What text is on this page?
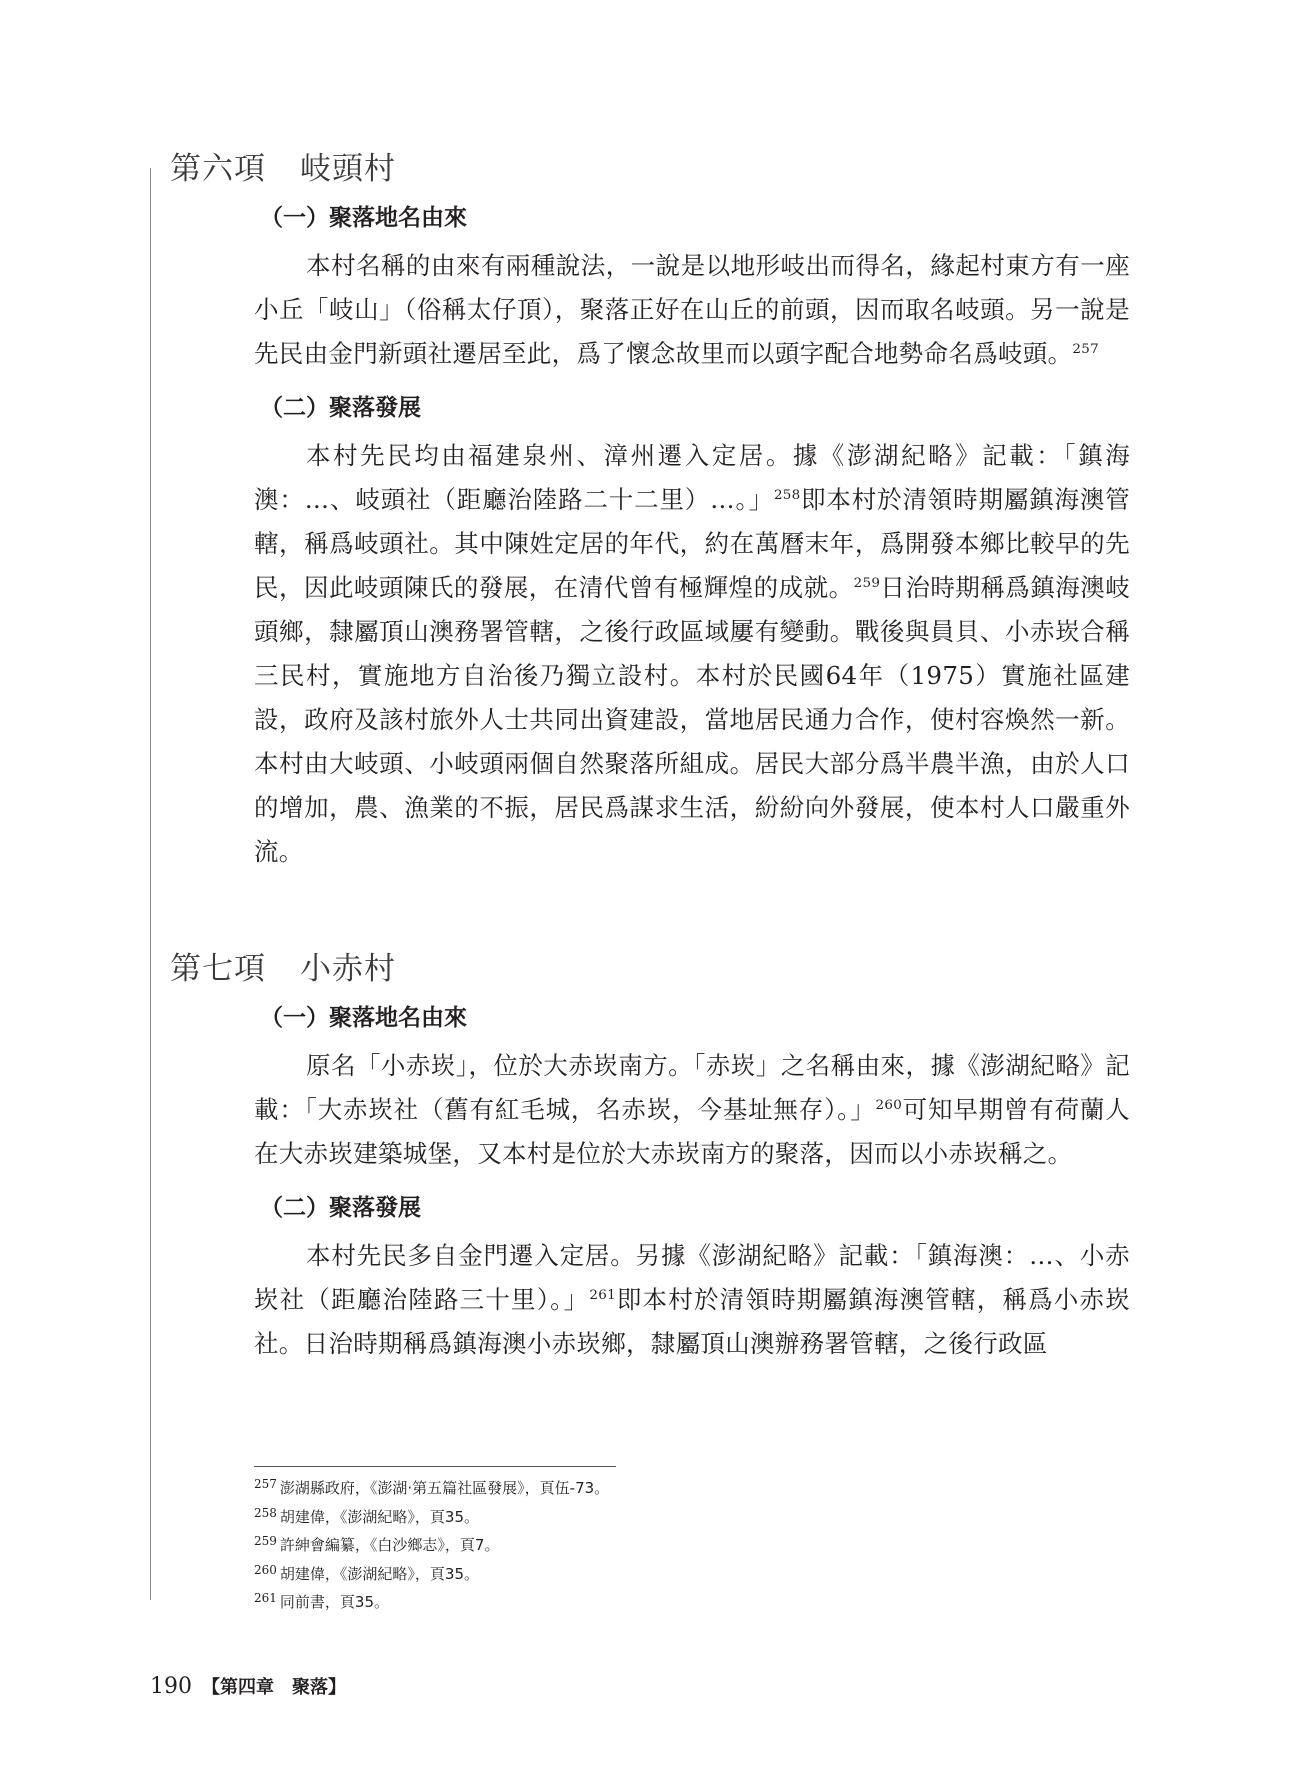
第六項 岐頭村
（一）聚落地名由來

本村名稱的由來有兩種說法，一說是以地形岐出而得名，緣起村東方有一座小丘「岐山」（俗稱太仔頂），聚落正好在山丘的前頭，因而取名岐頭。另一說是先民由金門新頭社遷居至此，爲了懷念故里而以頭字配合地勢命名爲岐頭。$^{257}$

（二）聚落發展

本村先民均由福建泉州、漳州遷入定居。據《澎湖紀略》記載：「鎮海澳：…、岐頭社（距廳治陸路二十二里）…。」$^{258}$即本村於清領時期屬鎮海澳管轄，稱爲岐頭社。其中陳姓定居的年代，約在萬曆末年，爲開發本鄉比較早的先民，因此岐頭陳氏的發展，在清代曾有極輝煌的成就。$^{259}$日治時期稱爲鎮海澳岐頭鄉，隸屬頂山澳務署管轄，之後行政區域屢有變動。戰後與員貝、小赤崁合稱三民村，實施地方自治後乃獨立設村。本村於民國64年（1975）實施社區建設，政府及該村旅外人士共同出資建設，當地居民通力合作，使村容煥然一新。本村由大岐頭、小岐頭兩個自然聚落所組成。居民大部分爲半農半漁，由於人口的增加，農、漁業的不振，居民爲謀求生活，紛紛向外發展，使本村人口嚴重外流。

第七項 小赤村
（一）聚落地名由來

原名「小赤崁」，位於大赤崁南方。「赤崁」之名稱由來，據《澎湖紀略》記載：「大赤崁社（舊有紅毛城，名赤崁，今基址無存）。」$^{260}$可知早期曾有荷蘭人在大赤崁建築城堡，又本村是位於大赤崁南方的聚落，因而以小赤崁稱之。

（二）聚落發展

本村先民多自金門遷入定居。另據《澎湖紀略》記載：「鎮海澳：…、小赤崁社（距廳治陸路三十里）。」$^{261}$即本村於清領時期屬鎮海澳管轄，稱爲小赤崁社。日治時期稱爲鎮海澳小赤崁鄉，隸屬頂山澳辦務署管轄，之後行政區

$^{257}$ 澎湖縣政府，《澎湖‧第五篇社區發展》，頁伍-73。
$^{258}$ 胡建偉，《澎湖紀略》，頁35。
$^{259}$ 許紳會編纂，《白沙鄉志》，頁7。
$^{260}$ 胡建偉，《澎湖紀略》，頁35。
$^{261}$ 同前書，頁35。
190 【第四章　聚落】
